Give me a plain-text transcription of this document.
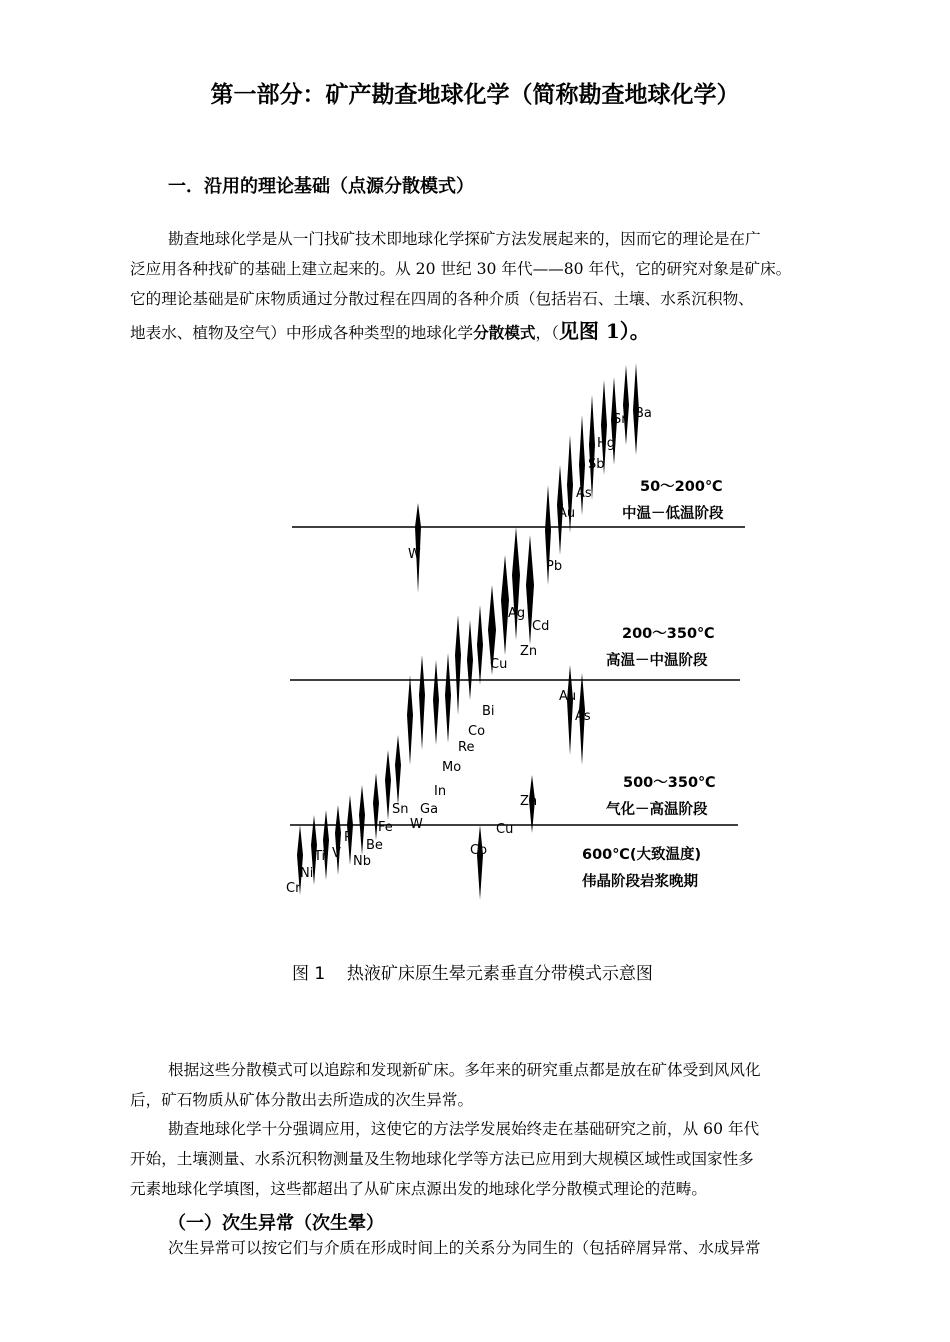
第一部分：矿产勘查地球化学（简称勘查地球化学）
一．沿用的理论基础（点源分散模式）
勘查地球化学是从一门找矿技术即地球化学探矿方法发展起来的，因而它的理论是在广
泛应用各种找矿的基础上建立起来的。从 20 世纪 30 年代——80 年代，它的研究对象是矿床。
它的理论基础是矿床物质通过分散过程在四周的各种介质（包括岩石、土壤、水系沉积物、
地表水、植物及空气）中形成各种类型的地球化学分散模式，（见图 1）。
Ba
Sr
Hg
Sb
As
Au
W
Pb
Ag
Cd
Zn
Cu
Au
As
Bi
Co
Re
Mo
In
Ga
W
Sn
Fe
Be
Nb
P
V
Ti
Ni
Cr
Zn
Cu
Co
50～200℃
中温－低温阶段
200～350℃
高温－中温阶段
500～350℃
气化－高温阶段
600℃(大致温度)
伟晶阶段岩浆晚期
图 1    热液矿床原生晕元素垂直分带模式示意图
根据这些分散模式可以追踪和发现新矿床。多年来的研究重点都是放在矿体受到风风化
后，矿石物质从矿体分散出去所造成的次生异常。
勘查地球化学十分强调应用，这使它的方法学发展始终走在基础研究之前，从 60 年代
开始，土壤测量、水系沉积物测量及生物地球化学等方法已应用到大规模区域性或国家性多
元素地球化学填图，这些都超出了从矿床点源出发的地球化学分散模式理论的范畴。
（一）次生异常（次生晕）
次生异常可以按它们与介质在形成时间上的关系分为同生的（包括碎屑异常、水成异常
